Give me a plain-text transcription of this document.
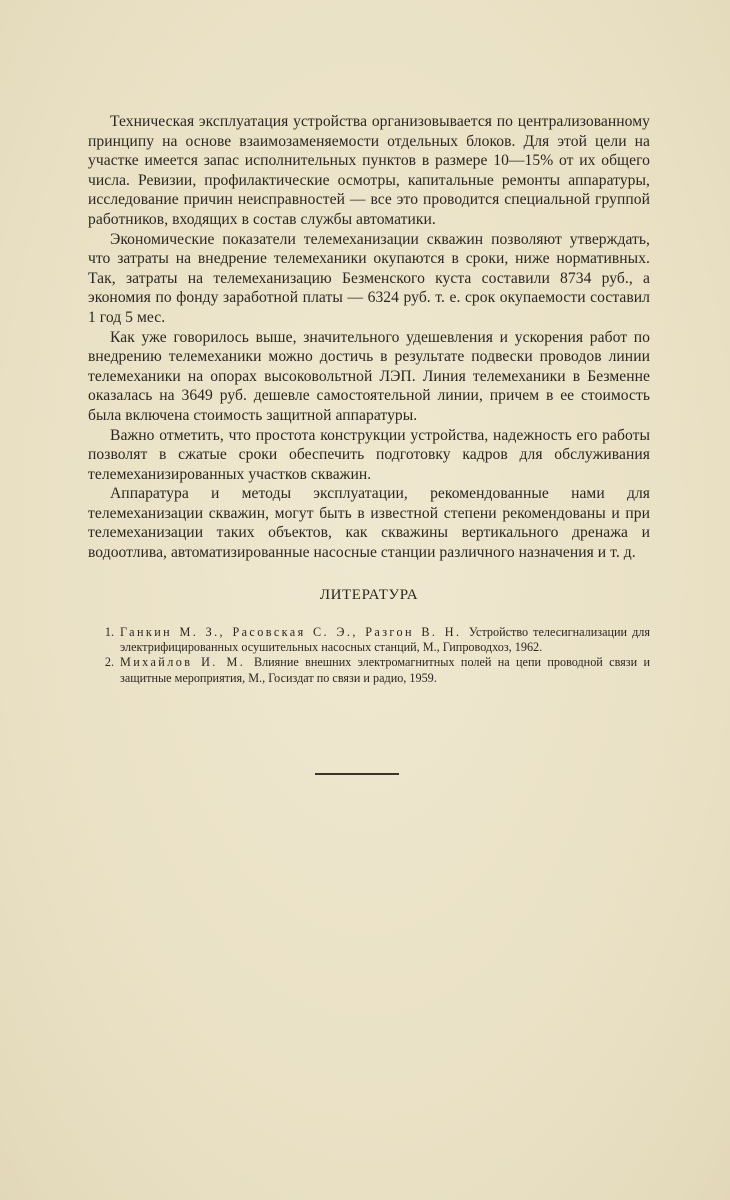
Техническая эксплуатация устройства организовывается по централизованному принципу на основе взаимозаменяемости отдельных блоков. Для этой цели на участке имеется запас исполнительных пунктов в размере 10—15% от их общего числа. Ревизии, профилактические осмотры, капитальные ремонты аппаратуры, исследование причин неисправностей — все это проводится специальной группой работников, входящих в состав службы автоматики.

Экономические показатели телемеханизации скважин позволяют утверждать, что затраты на внедрение телемеханики окупаются в сроки, ниже нормативных. Так, затраты на телемеханизацию Безменского куста составили 8734 руб., а экономия по фонду заработной платы — 6324 руб. т. е. срок окупаемости составил 1 год 5 мес.

Как уже говорилось выше, значительного удешевления и ускорения работ по внедрению телемеханики можно достичь в результате подвески проводов линии телемеханики на опорах высоковольтной ЛЭП. Линия телемеханики в Безменне оказалась на 3649 руб. дешевле самостоятельной линии, причем в ее стоимость была включена стоимость защитной аппаратуры.

Важно отметить, что простота конструкции устройства, надежность его работы позволят в сжатые сроки обеспечить подготовку кадров для обслуживания телемеханизированных участков скважин.

Аппаратура и методы эксплуатации, рекомендованные нами для телемеханизации скважин, могут быть в известной степени рекомендованы и при телемеханизации таких объектов, как скважины вертикального дренажа и водоотлива, автоматизированные насосные станции различного назначения и т. д.

ЛИТЕРАТУРА
1. Ганкин М. З., Расовская С. Э., Разгон В. Н. Устройство телесигнализации для электрифицированных осушительных насосных станций, М., Гипроводхоз, 1962.
2. Михайлов И. М. Влияние внешних электромагнитных полей на цепи проводной связи и защитные мероприятия, М., Госиздат по связи и радио, 1959.
